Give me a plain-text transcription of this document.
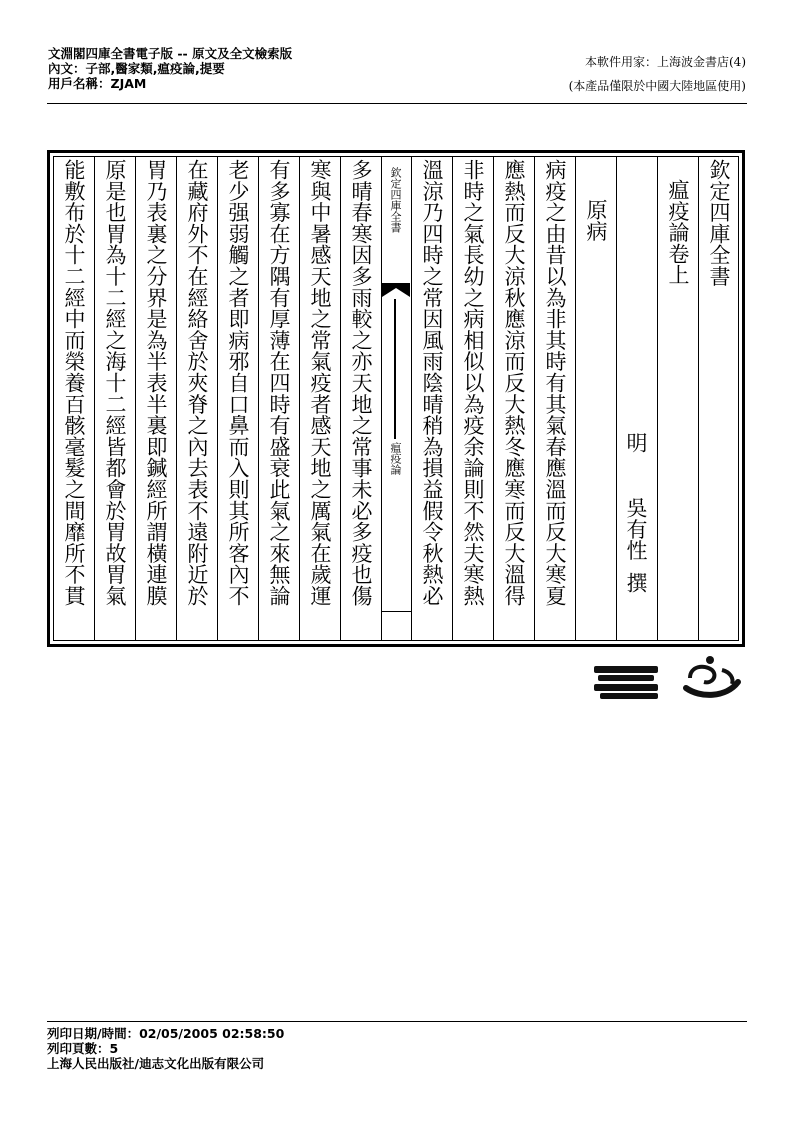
文淵閣四庫全書電子版 -- 原文及全文檢索版
內文：子部,醫家類,瘟疫論,提要
用戶名稱：ZJAM
本軟件用家：上海波金書店(4)
(本產品僅限於中國大陸地區使用)
多晴春寒因多雨較之亦天地之常事未必多疫也傷
寒與中暑感天地之常氣疫者感天地之厲氣在歲運
有多寡在方隅有厚薄在四時有盛衰此氣之來無論
老少强弱觸之者即病邪自口鼻而入則其所客內不
在藏府外不在經絡舍於夾脊之內去表不遠附近於
胃乃表裏之分界是為半表半裏即鍼經所謂橫連膜
原是也胃為十二經之海十二經皆都會於胃故胃氣
能敷布於十二經中而榮養百骸毫髮之間靡所不貫	欽定四庫全書
瘟疫論	病疫之由昔以為非其時有其氣春應溫而反大寒夏
應熱而反大涼秋應涼而反大熱冬應寒而反大溫得
非時之氣長幼之病相似以為疫余論則不然夫寒熱
溫涼乃四時之常因風雨陰晴稍為損益假令秋熱必	原病
明
吳有性
撰
瘟疫論卷上 欽定四庫全書
列印日期/時間：02/05/2005 02:58:50
列印頁數：5
上海人民出版社/迪志文化出版有限公司
